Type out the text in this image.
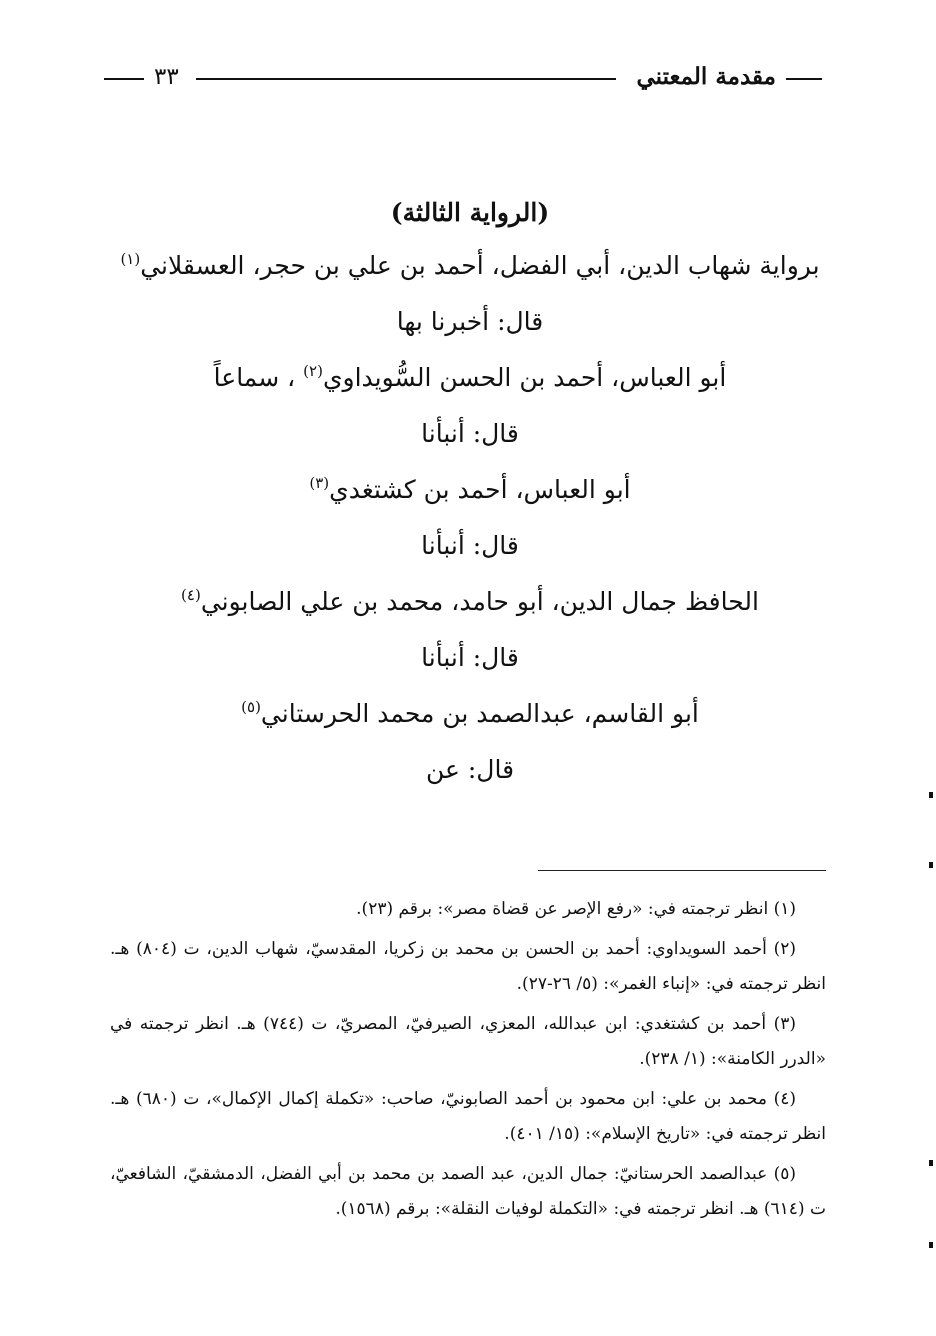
مقدمة المعتني
٣٣
(الرواية الثالثة)
برواية شهاب الدين، أبي الفضل، أحمد بن علي بن حجر، العسقلاني$^{(١)}$
قال: أخبرنا بها
أبو العباس، أحمد بن الحسن السُّويداوي$^{(٢)}$ ، سماعاً
قال: أنبأنا
أبو العباس، أحمد بن كشتغدي$^{(٣)}$
قال: أنبأنا
الحافظ جمال الدين، أبو حامد، محمد بن علي الصابوني$^{(٤)}$
قال: أنبأنا
أبو القاسم، عبدالصمد بن محمد الحرستاني$^{(٥)}$
قال: عن
(١) انظر ترجمته في: «رفع الإصر عن قضاة مصر»: برقم (٢٣).
(٢) أحمد السويداوي: أحمد بن الحسن بن محمد بن زكريا، المقدسيّ، شهاب الدين، ت (٨٠٤) هـ. انظر ترجمته في: «إنباء الغمر»: (٥/ ٢٦-٢٧).
(٣) أحمد بن كشتغدي: ابن عبدالله، المعزي، الصيرفيّ، المصريّ، ت (٧٤٤) هـ. انظر ترجمته في «الدرر الكامنة»: (١/ ٢٣٨).
(٤) محمد بن علي: ابن محمود بن أحمد الصابونيّ، صاحب: «تكملة إكمال الإكمال»، ت (٦٨٠) هـ. انظر ترجمته في: «تاريخ الإسلام»: (١٥/ ٤٠١).
(٥) عبدالصمد الحرستانيّ: جمال الدين، عبد الصمد بن محمد بن أبي الفضل، الدمشقيّ، الشافعيّ، ت (٦١٤) هـ. انظر ترجمته في: «التكملة لوفيات النقلة»: برقم (١٥٦٨).
